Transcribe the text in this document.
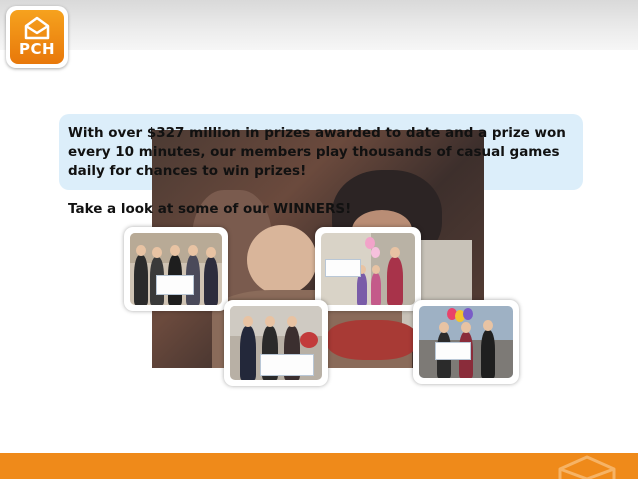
PCH
With over $327 million in prizes awarded to date and a prize won every 10 minutes, our members play thousands of casual games daily for chances to win prizes!
Take a look at some of our WINNERS!
